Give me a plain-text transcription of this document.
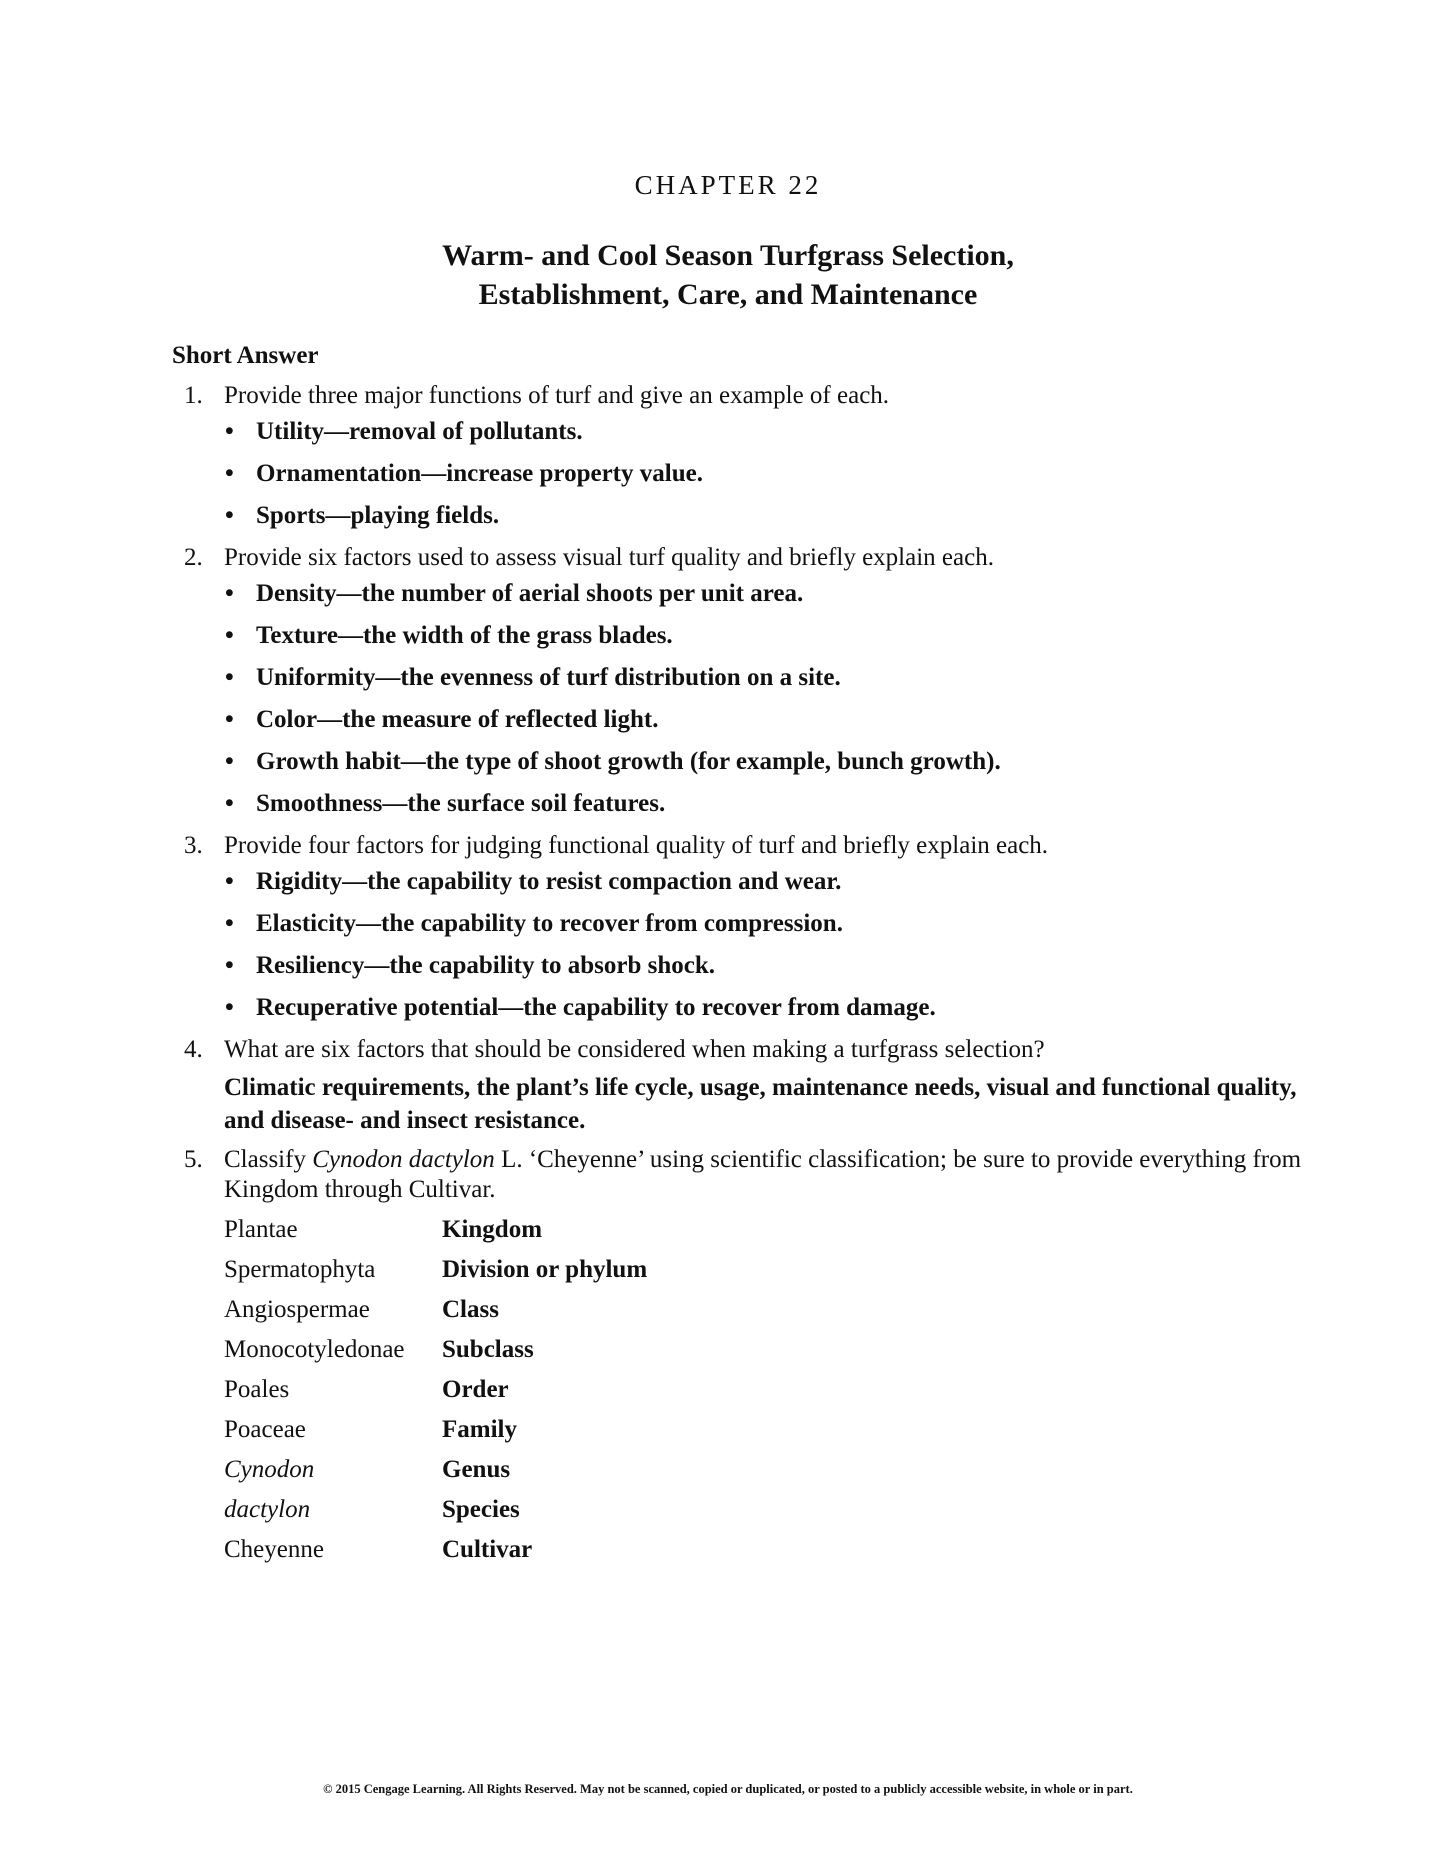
CHAPTER 22
Warm- and Cool Season Turfgrass Selection,
Establishment, Care, and Maintenance
Short Answer
1. Provide three major functions of turf and give an example of each.
• Utility—removal of pollutants.
• Ornamentation—increase property value.
• Sports—playing fields.
2. Provide six factors used to assess visual turf quality and briefly explain each.
• Density—the number of aerial shoots per unit area.
• Texture—the width of the grass blades.
• Uniformity—the evenness of turf distribution on a site.
• Color—the measure of reflected light.
• Growth habit—the type of shoot growth (for example, bunch growth).
• Smoothness—the surface soil features.
3. Provide four factors for judging functional quality of turf and briefly explain each.
• Rigidity—the capability to resist compaction and wear.
• Elasticity—the capability to recover from compression.
• Resiliency—the capability to absorb shock.
• Recuperative potential—the capability to recover from damage.
4. What are six factors that should be considered when making a turfgrass selection?
Climatic requirements, the plant’s life cycle, usage, maintenance needs, visual and functional quality, and disease- and insect resistance.
5. Classify Cynodon dactylon L. ‘Cheyenne’ using scientific classification; be sure to provide everything from Kingdom through Cultivar.
Plantae	Kingdom
Spermatophyta	Division or phylum
Angiospermae	Class
Monocotyledonae	Subclass
Poales	Order
Poaceae	Family
Cynodon	Genus
dactylon	Species
Cheyenne	Cultivar
© 2015 Cengage Learning. All Rights Reserved. May not be scanned, copied or duplicated, or posted to a publicly accessible website, in whole or in part.
